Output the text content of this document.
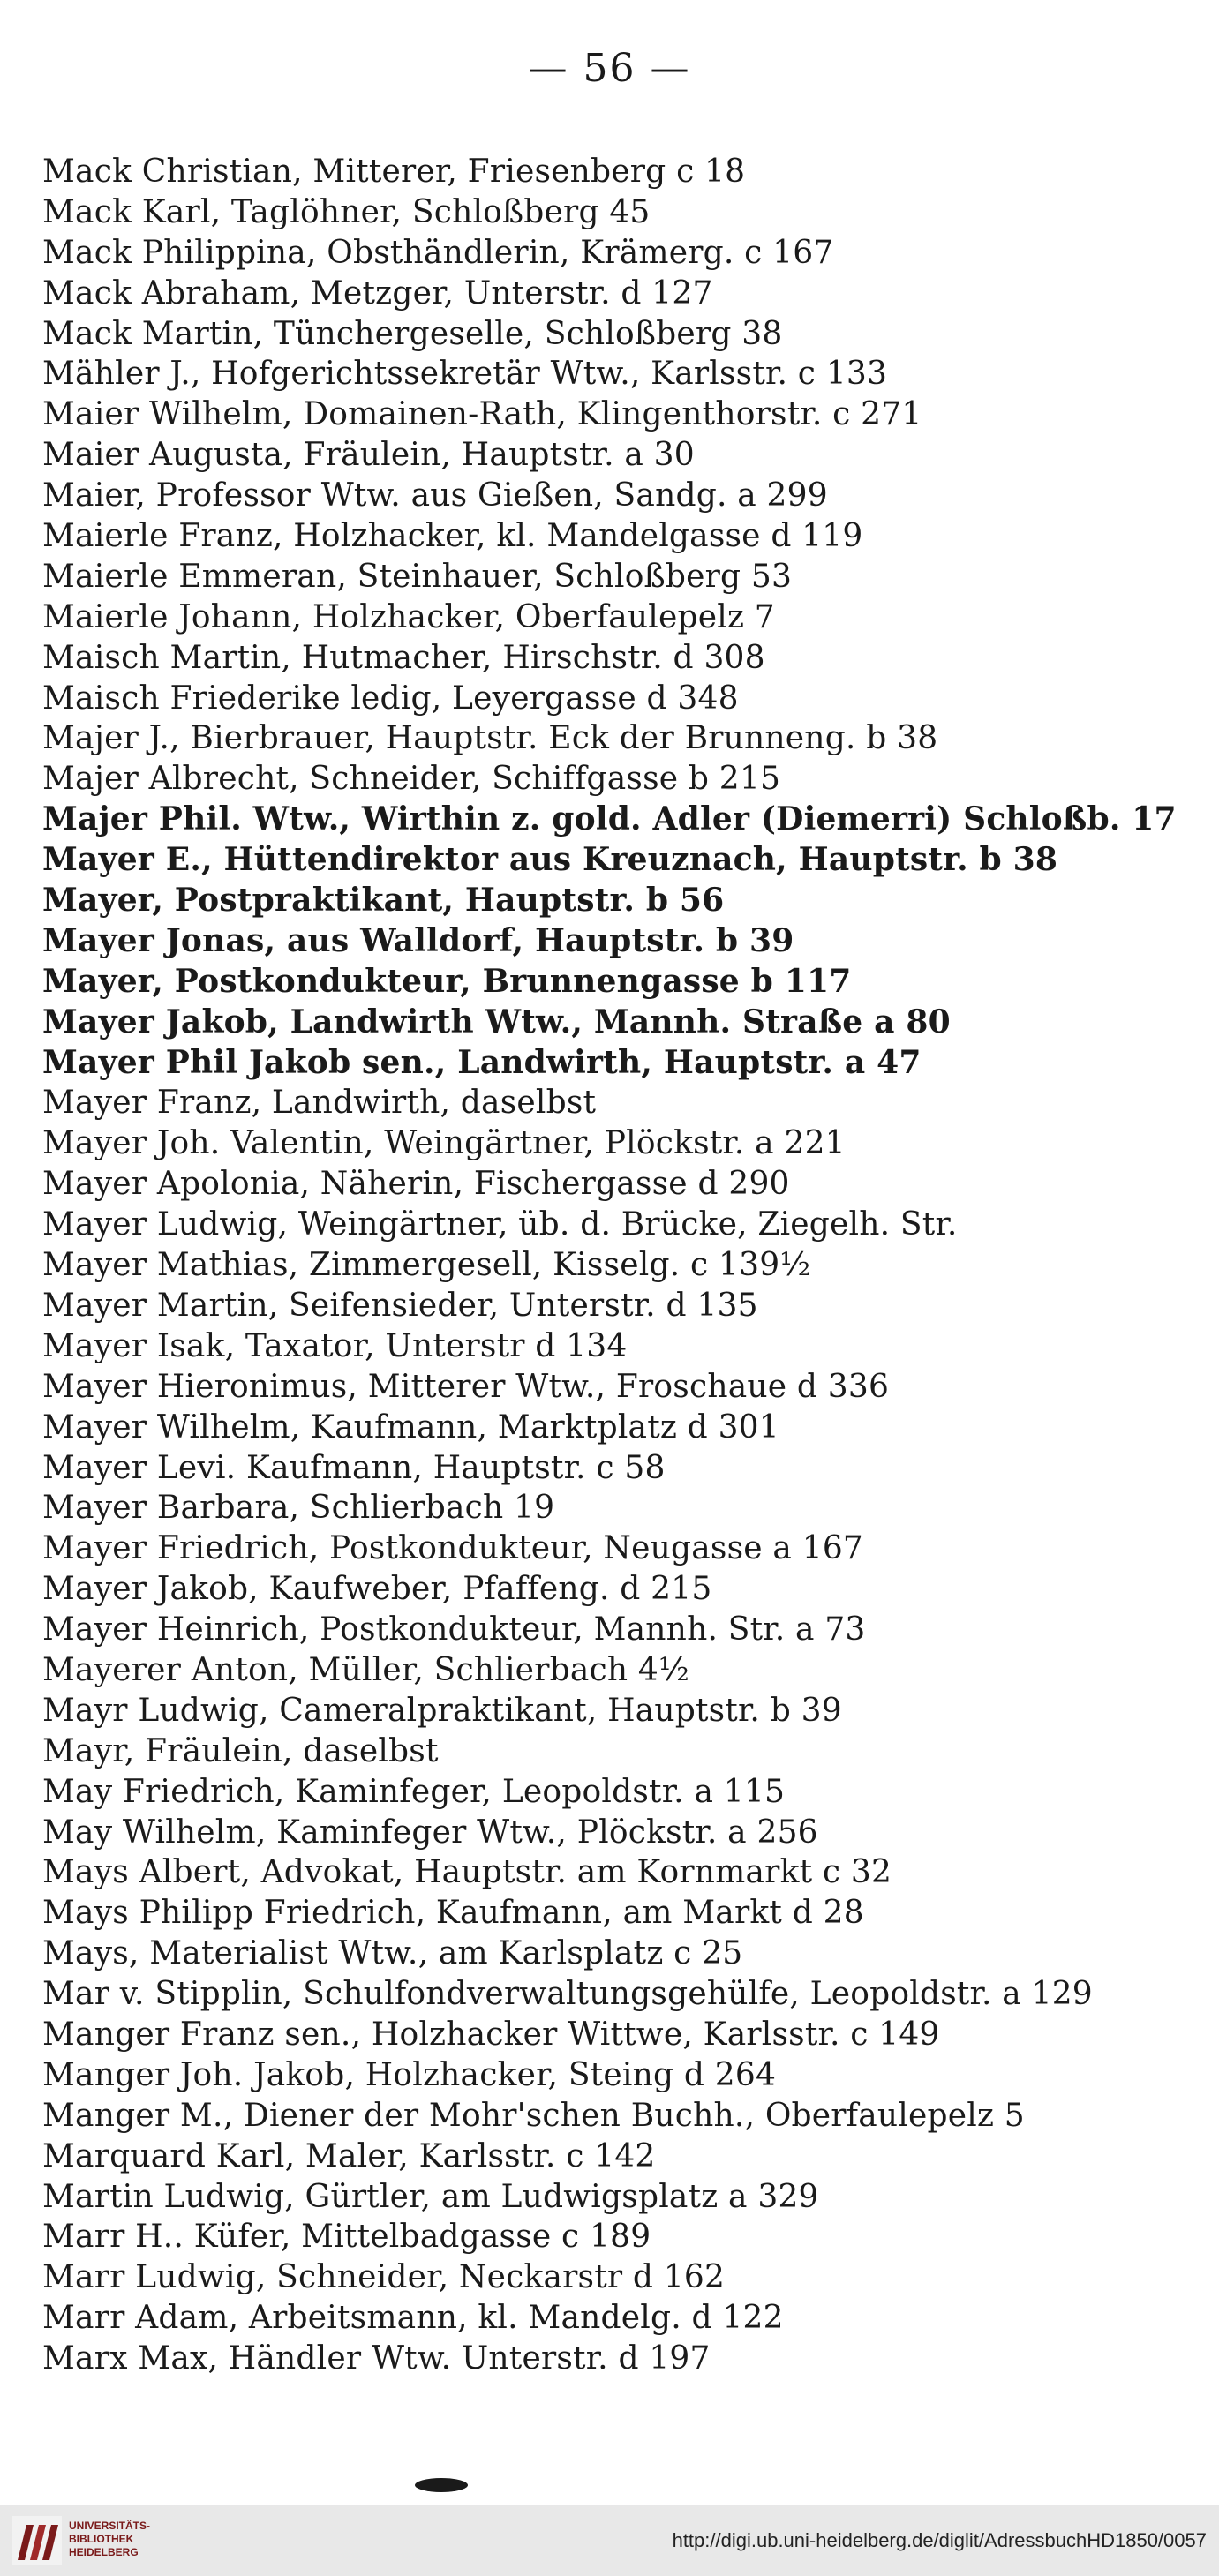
— 56 —
Mack Christian, Mitterer, Friesenberg c 18
Mack Karl, Taglöhner, Schloßberg 45
Mack Philippina, Obsthändlerin, Krämerg. c 167
Mack Abraham, Metzger, Unterstr. d 127
Mack Martin, Tünchergeselle, Schloßberg 38
Mähler J., Hofgerichtssekretär Wtw., Karlsstr. c 133
Maier Wilhelm, Domainen-Rath, Klingenthorstr. c 271
Maier Augusta, Fräulein, Hauptstr. a 30
Maier, Professor Wtw. aus Gießen, Sandg. a 299
Maierle Franz, Holzhacker, kl. Mandelgasse d 119
Maierle Emmeran, Steinhauer, Schloßberg 53
Maierle Johann, Holzhacker, Oberfaulepelz 7
Maisch Martin, Hutmacher, Hirschstr. d 308
Maisch Friederike ledig, Leyergasse d 348
Majer J., Bierbrauer, Hauptstr. Eck der Brunneng. b 38
Majer Albrecht, Schneider, Schiffgasse b 215
Majer Phil. Wtw., Wirthin z. gold. Adler (Diemerri) Schloßb. 17
Mayer E., Hüttendirektor aus Kreuznach, Hauptstr. b 38
Mayer, Postpraktikant, Hauptstr. b 56
Mayer Jonas, aus Walldorf, Hauptstr. b 39
Mayer, Postkondukteur, Brunnengasse b 117
Mayer Jakob, Landwirth Wtw., Mannh. Straße a 80
Mayer Phil Jakob sen., Landwirth, Hauptstr. a 47
Mayer Franz, Landwirth, daselbst
Mayer Joh. Valentin, Weingärtner, Plöckstr. a 221
Mayer Apolonia, Näherin, Fischergasse d 290
Mayer Ludwig, Weingärtner, üb. d. Brücke, Ziegelh. Str.
Mayer Mathias, Zimmergesell, Kisselg. c 139½
Mayer Martin, Seifensieder, Unterstr. d 135
Mayer Isak, Taxator, Unterstr d 134
Mayer Hieronimus, Mitterer Wtw., Froschaue d 336
Mayer Wilhelm, Kaufmann, Marktplatz d 301
Mayer Levi. Kaufmann, Hauptstr. c 58
Mayer Barbara, Schlierbach 19
Mayer Friedrich, Postkondukteur, Neugasse a 167
Mayer Jakob, Kaufweber, Pfaffeng. d 215
Mayer Heinrich, Postkondukteur, Mannh. Str. a 73
Mayerer Anton, Müller, Schlierbach 4½
Mayr Ludwig, Cameralpraktikant, Hauptstr. b 39
Mayr, Fräulein, daselbst
May Friedrich, Kaminfeger, Leopoldstr. a 115
May Wilhelm, Kaminfeger Wtw., Plöckstr. a 256
Mays Albert, Advokat, Hauptstr. am Kornmarkt c 32
Mays Philipp Friedrich, Kaufmann, am Markt d 28
Mays, Materialist Wtw., am Karlsplatz c 25
Mar v. Stipplin, Schulfondverwaltungsgehülfe, Leopoldstr. a 129
Manger Franz sen., Holzhacker Wittwe, Karlsstr. c 149
Manger Joh. Jakob, Holzhacker, Steing d 264
Manger M., Diener der Mohr'schen Buchh., Oberfaulepelz 5
Marquard Karl, Maler, Karlsstr. c 142
Martin Ludwig, Gürtler, am Ludwigsplatz a 329
Marr H.. Küfer, Mittelbadgasse c 189
Marr Ludwig, Schneider, Neckarstr d 162
Marr Adam, Arbeitsmann, kl. Mandelg. d 122
Marx Max, Händler Wtw. Unterstr. d 197
UNIVERSITÄTS-
BIBLIOTHEK
HEIDELBERG
http://digi.ub.uni-heidelberg.de/diglit/AdressbuchHD1850/0057
